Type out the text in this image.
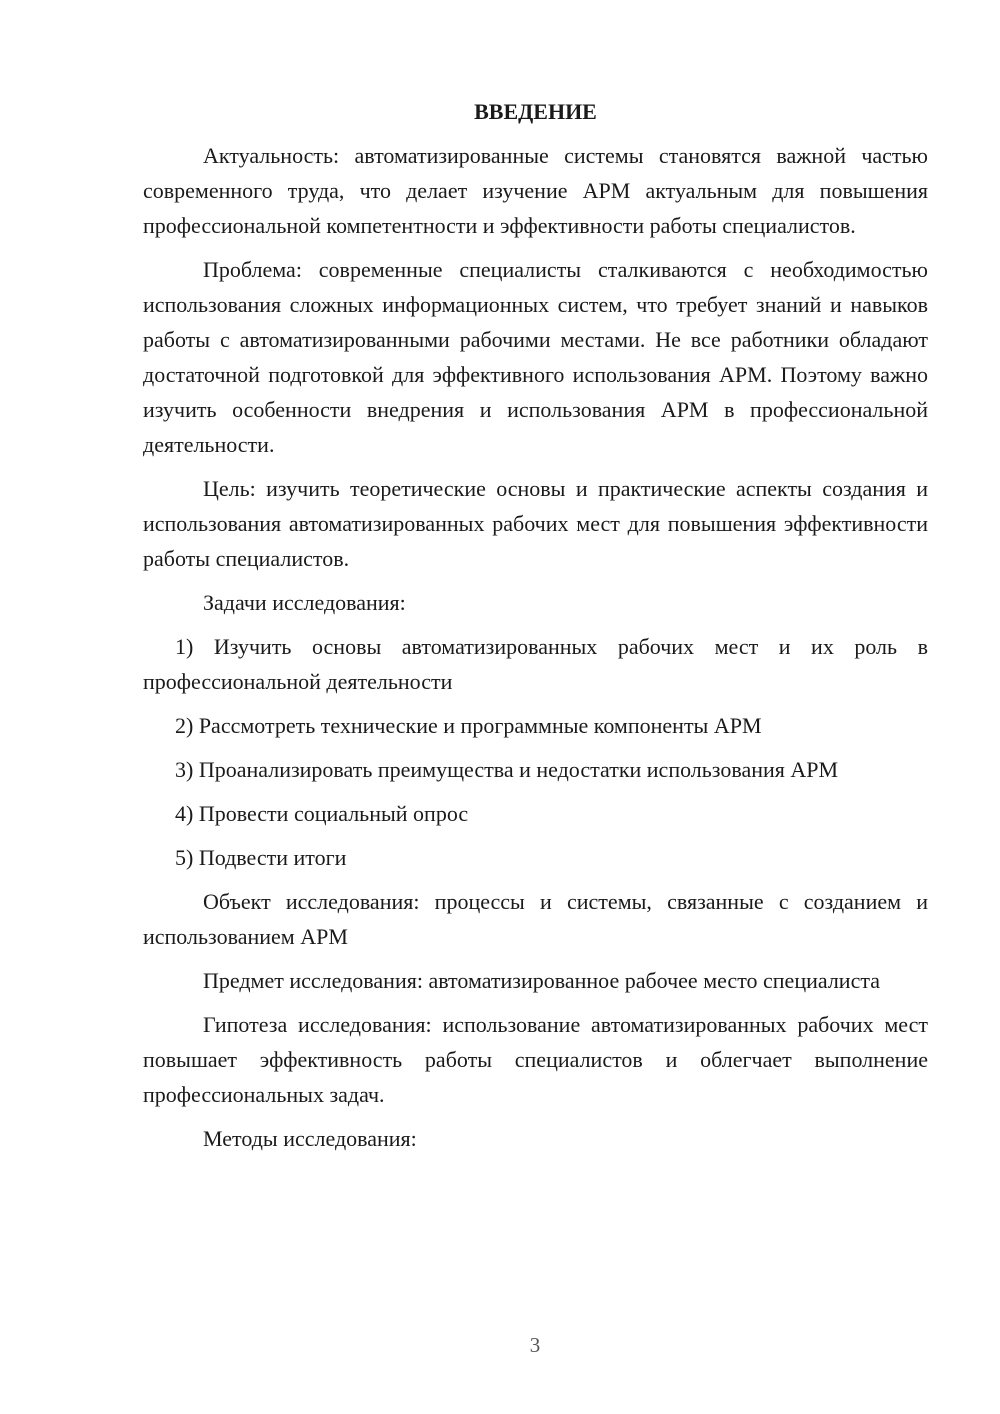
ВВЕДЕНИЕ

Актуальность: автоматизированные системы становятся важной частью современного труда, что делает изучение АРМ актуальным для повышения профессиональной компетентности и эффективности работы специалистов.

Проблема: современные специалисты сталкиваются с необходимостью использования сложных информационных систем, что требует знаний и навыков работы с автоматизированными рабочими местами. Не все работники обладают достаточной подготовкой для эффективного использования АРМ. Поэтому важно изучить особенности внедрения и использования АРМ в профессиональной деятельности.

Цель: изучить теоретические основы и практические аспекты создания и использования автоматизированных рабочих мест для повышения эффективности работы специалистов.

Задачи исследования:

1) Изучить основы автоматизированных рабочих мест и их роль в профессиональной деятельности

2) Рассмотреть технические и программные компоненты АРМ

3) Проанализировать преимущества и недостатки использования АРМ

4) Провести социальный опрос

5) Подвести итоги

Объект исследования: процессы и системы, связанные с созданием и использованием АРМ

Предмет исследования: автоматизированное рабочее место специалиста

Гипотеза исследования: использование автоматизированных рабочих мест повышает эффективность работы специалистов и облегчает выполнение профессиональных задач.

Методы исследования:

3
